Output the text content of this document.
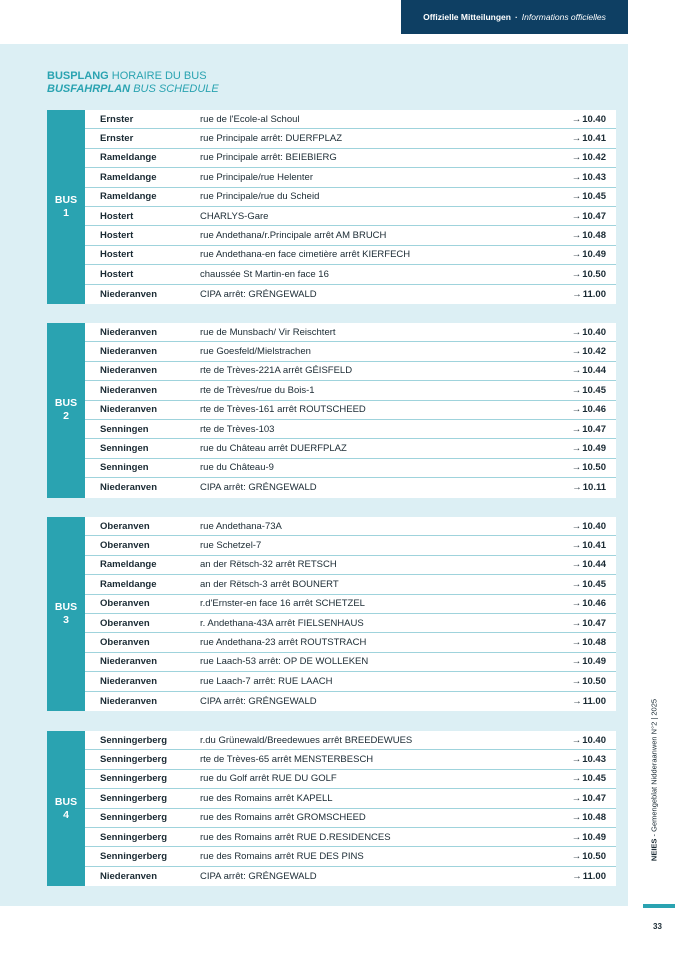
Offizielle Mitteilungen · Informations officielles
BUSPLANG HORAIRE DU BUS
BUSFAHRPLAN BUS SCHEDULE
BUS
1
Ernster	rue de l'Ecole-al Schoul	→10.40
Ernster	rue Principale arrêt: DUERFPLAZ	→10.41
Rameldange	rue Principale arrêt: BEIEBIERG	→10.42
Rameldange	rue Principale/rue Helenter	→10.43
Rameldange	rue Principale/rue du Scheid	→10.45
Hostert	CHARLYS-Gare	→10.47
Hostert	rue Andethana/r.Principale arrêt AM BRUCH	→10.48
Hostert	rue Andethana-en face cimetière arrêt KIERFECH	→10.49
Hostert	chaussée St Martin-en face 16	→10.50
Niederanven	CIPA arrêt: GRÉNGEWALD	→11.00
BUS
2
Niederanven	rue de Munsbach/ Vir Reischtert	→10.40
Niederanven	rue Goesfeld/Mielstrachen	→10.42
Niederanven	rte de Trèves-221A arrêt GÉISFELD	→10.44
Niederanven	rte de Trèves/rue du Bois-1	→10.45
Niederanven	rte de Trèves-161 arrêt ROUTSCHEED	→10.46
Senningen	rte de Trèves-103	→10.47
Senningen	rue du Château arrêt DUERFPLAZ	→10.49
Senningen	rue du Château-9	→10.50
Niederanven	CIPA arrêt: GRÉNGEWALD	→10.11
BUS
3
Oberanven	rue Andethana-73A	→10.40
Oberanven	rue Schetzel-7	→10.41
Rameldange	an der Rëtsch-32 arrêt RETSCH	→10.44
Rameldange	an der Rëtsch-3 arrêt BOUNERT	→10.45
Oberanven	r.d'Ernster-en face 16 arrêt SCHETZEL	→10.46
Oberanven	r. Andethana-43A arrêt FIELSENHAUS	→10.47
Oberanven	rue Andethana-23 arrêt ROUTSTRACH	→10.48
Niederanven	rue Laach-53 arrêt: OP DE WOLLEKEN	→10.49
Niederanven	rue Laach-7 arrêt: RUE LAACH	→10.50
Niederanven	CIPA arrêt: GRÉNGEWALD	→11.00
BUS
4
Senningerberg	r.du Grünewald/Breedewues arrêt BREEDEWUES	→10.40
Senningerberg	rte de Trèves-65 arrêt MENSTERBESCH	→10.43
Senningerberg	rue du Golf arrêt RUE DU GOLF	→10.45
Senningerberg	rue des Romains arrêt KAPELL	→10.47
Senningerberg	rue des Romains arrêt GROMSCHEED	→10.48
Senningerberg	rue des Romains arrêt RUE D.RESIDENCES	→10.49
Senningerberg	rue des Romains arrêt RUE DES PINS	→10.50
Niederanven	CIPA arrêt: GRÉNGEWALD	→11.00
NEIES - Gemengeblat Nidderaanwen N°2 | 2025
33
